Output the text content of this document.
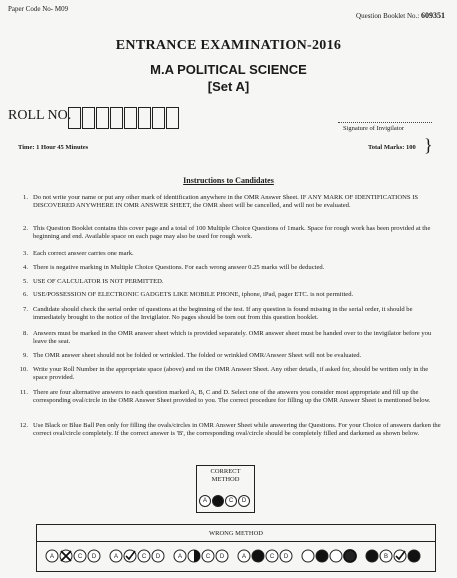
Paper Code No- M09
Question Booklet No.: 609351
ENTRANCE EXAMINATION-2016
M.A POLITICAL SCIENCE
[Set A]
ROLL NO.
Signature of Invigilator
Time: 1 Hour 45 Minutes	Total Marks: 100 }
Instructions to Candidates
1. Do not write your name or put any other mark of identification anywhere in the OMR Answer Sheet. IF ANY MARK OF IDENTIFICATIONS IS DISCOVERED ANYWHERE IN OMR ANSWER SHEET, the OMR sheet will be cancelled, and will not be evaluated.
2. This Question Booklet contains this cover page and a total of 100 Multiple Choice Questions of 1mark. Space for rough work has been provided at the beginning and end. Available space on each page may also be used for rough work.
3. Each correct answer carries one mark.
4. There is negative marking in Multiple Choice Questions. For each wrong answer 0.25 marks will be deducted.
5. USE OF CALCULATOR IS NOT PERMITTED.
6. USE/POSSESSION OF ELECTRONIC GADGETS LIKE MOBILE PHONE, iphone, iPad, pager ETC. is not permitted.
7. Candidate should check the serial order of questions at the beginning of the test. If any question is found missing in the serial order, it should be immediately brought to the notice of the Invigilator. No pages should be torn out from this question booklet.
8. Answers must be marked in the OMR answer sheet which is provided separately. OMR answer sheet must be handed over to the invigilator before you leave the seat.
9. The OMR answer sheet should not be folded or wrinkled. The folded or wrinkled OMR/Answer Sheet will not be evaluated.
10. Write your Roll Number in the appropriate space (above) and on the OMR Answer Sheet. Any other details, if asked for, should be written only in the space provided.
11. There are four alternative answers to each question marked A, B, C and D. Select one of the answers you consider most appropriate and fill up the corresponding oval/circle in the OMR Answer Sheet provided to you. The correct procedure for filling up the OMR Answer Sheet is mentioned below.
12. Use Black or Blue Ball Pen only for filling the ovals/circles in OMR Answer Sheet while answering the Questions. For your Choice of answers darken the correct oval/circle completely. If the correct answer is 'B', the corresponding oval/circle should be completely filled and darkened as shown below.
CORRECT METHOD
A B C D
WRONG METHOD
A	C D	A	C D	A	C D	A	C D	B
